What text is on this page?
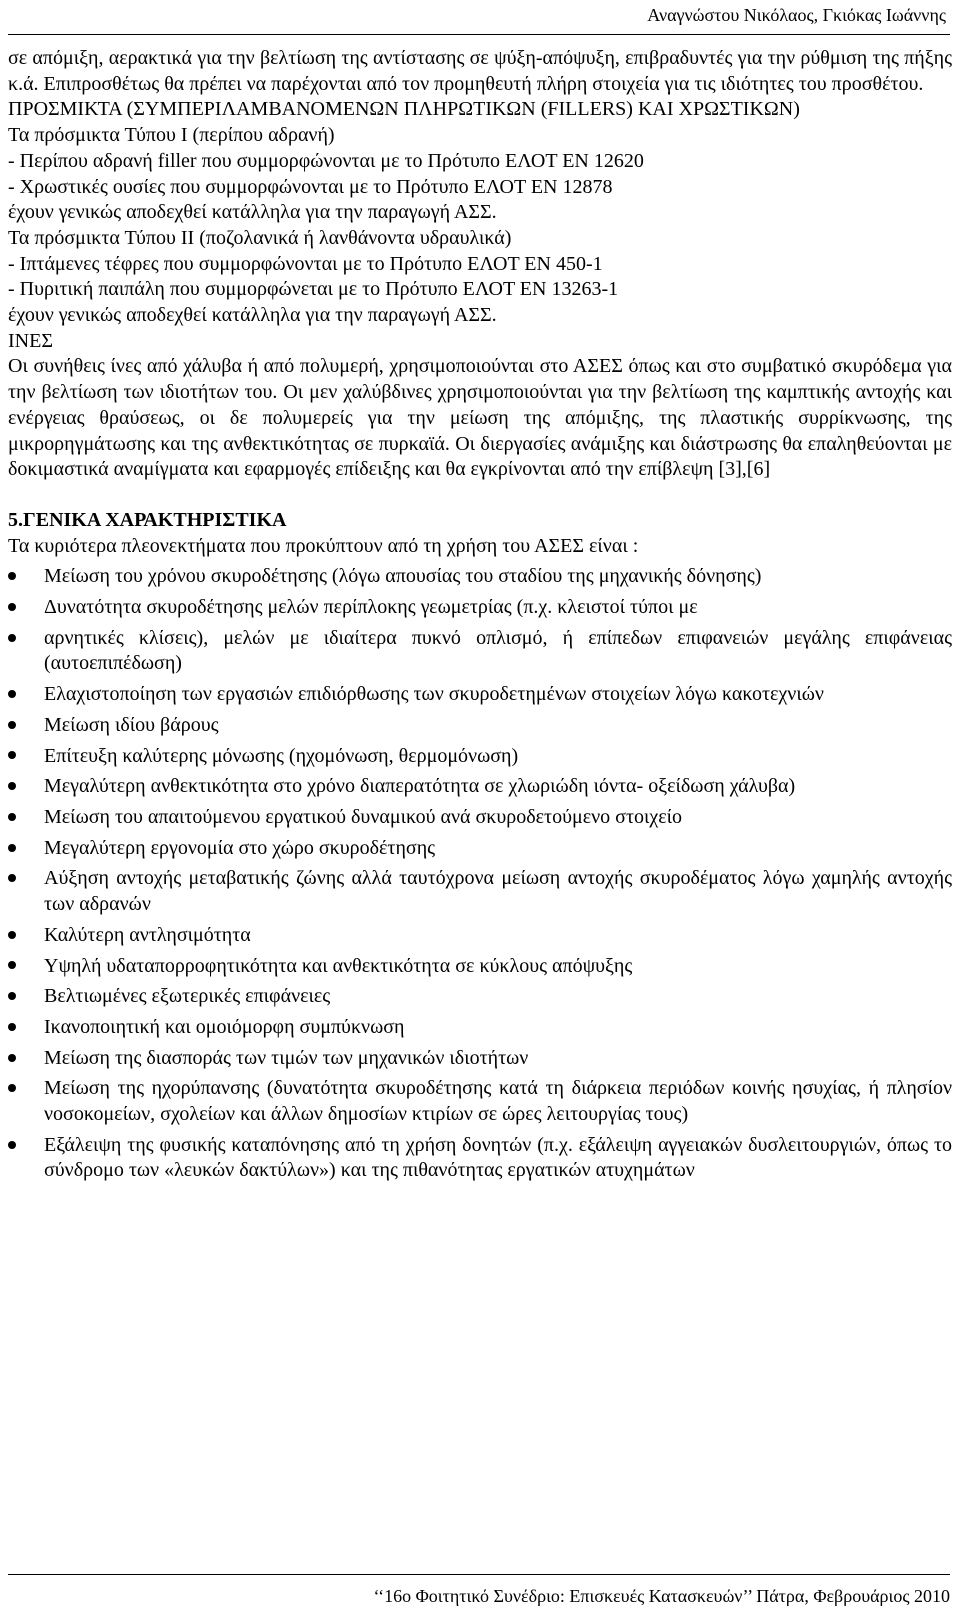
Αναγνώστου Νικόλαος, Γκιόκας Ιωάννης

σε απόμιξη, αερακτικά για την βελτίωση της αντίστασης σε ψύξη-απόψυξη, επιβραδυντές για την ρύθμιση της πήξης κ.ά. Επιπροσθέτως θα πρέπει να παρέχονται από τον προμηθευτή πλήρη στοιχεία για τις ιδιότητες του προσθέτου.

ΠΡΟΣΜΙΚΤΑ (ΣΥΜΠΕΡΙΛΑΜΒΑΝΟΜΕΝΩΝ ΠΛΗΡΩΤΙΚΩΝ (FILLERS) ΚΑΙ ΧΡΩΣΤΙΚΩΝ)

Τα πρόσμικτα Τύπου Ι (περίπου αδρανή)

- Περίπου αδρανή filler που συμμορφώνονται με το Πρότυπο ΕΛΟΤ ΕΝ 12620

- Χρωστικές ουσίες που συμμορφώνονται με το Πρότυπο ΕΛΟΤ ΕΝ 12878

έχουν γενικώς αποδεχθεί κατάλληλα για την παραγωγή ΑΣΣ.

Τα πρόσμικτα Τύπου ΙΙ (ποζολανικά ή λανθάνοντα υδραυλικά)

- Ιπτάμενες τέφρες που συμμορφώνονται με το Πρότυπο ΕΛΟΤ ΕΝ 450-1

- Πυριτική παιπάλη που συμμορφώνεται με το Πρότυπο ΕΛΟΤ ΕΝ 13263-1

έχουν γενικώς αποδεχθεί κατάλληλα για την παραγωγή ΑΣΣ.

ΙΝΕΣ

Οι συνήθεις ίνες από χάλυβα ή από πολυμερή, χρησιμοποιούνται στο ΑΣΕΣ όπως και στο συμβατικό σκυρόδεμα για την βελτίωση των ιδιοτήτων του. Οι μεν χαλύβδινες χρησιμοποιούνται για την βελτίωση της καμπτικής αντοχής και ενέργειας θραύσεως, οι δε πολυμερείς για την μείωση της απόμιξης, της πλαστικής συρρίκνωσης, της μικρορηγμάτωσης και της ανθεκτικότητας σε πυρκαϊά. Οι διεργασίες ανάμιξης και διάστρωσης θα επαληθεύονται με δοκιμαστικά αναμίγματα και εφαρμογές επίδειξης και θα εγκρίνονται από την επίβλεψη [3],[6]

5.ΓΕΝΙΚΑ ΧΑΡΑΚΤΗΡΙΣΤΙΚΑ

Τα κυριότερα πλεονεκτήματα που προκύπτουν από τη χρήση του ΑΣΕΣ είναι :

Μείωση του χρόνου σκυροδέτησης (λόγω απουσίας του σταδίου της μηχανικής δόνησης)
Δυνατότητα σκυροδέτησης μελών περίπλοκης γεωμετρίας (π.χ. κλειστοί τύποι με
αρνητικές κλίσεις), μελών με ιδιαίτερα πυκνό οπλισμό, ή επίπεδων επιφανειών μεγάλης επιφάνειας (αυτοεπιπέδωση)
Ελαχιστοποίηση των εργασιών επιδιόρθωσης των σκυροδετημένων στοιχείων λόγω κακοτεχνιών
Μείωση ιδίου βάρους
Επίτευξη καλύτερης μόνωσης (ηχομόνωση, θερμομόνωση)
Μεγαλύτερη ανθεκτικότητα στο χρόνο διαπερατότητα σε χλωριώδη ιόντα- οξείδωση χάλυβα)
Μείωση του απαιτούμενου εργατικού δυναμικού ανά σκυροδετούμενο στοιχείο
Μεγαλύτερη εργονομία στο χώρο σκυροδέτησης
Αύξηση αντοχής μεταβατικής ζώνης αλλά ταυτόχρονα μείωση αντοχής σκυροδέματος λόγω χαμηλής αντοχής των αδρανών
Καλύτερη αντλησιμότητα
Υψηλή υδαταπορροφητικότητα και ανθεκτικότητα σε κύκλους απόψυξης
Βελτιωμένες εξωτερικές επιφάνειες
Ικανοποιητική και ομοιόμορφη συμπύκνωση
Μείωση της διασποράς των τιμών των μηχανικών ιδιοτήτων
Μείωση της ηχορύπανσης (δυνατότητα σκυροδέτησης κατά τη διάρκεια περιόδων κοινής ησυχίας, ή πλησίον νοσοκομείων, σχολείων και άλλων δημοσίων κτιρίων σε ώρες λειτουργίας τους)
Εξάλειψη της φυσικής καταπόνησης από τη χρήση δονητών (π.χ. εξάλειψη αγγειακών δυσλειτουργιών, όπως το σύνδρομο των «λευκών δακτύλων») και της πιθανότητας εργατικών ατυχημάτων
‘‘16ο Φοιτητικό Συνέδριο: Επισκευές Κατασκευών’’ Πάτρα, Φεβρουάριος 2010
